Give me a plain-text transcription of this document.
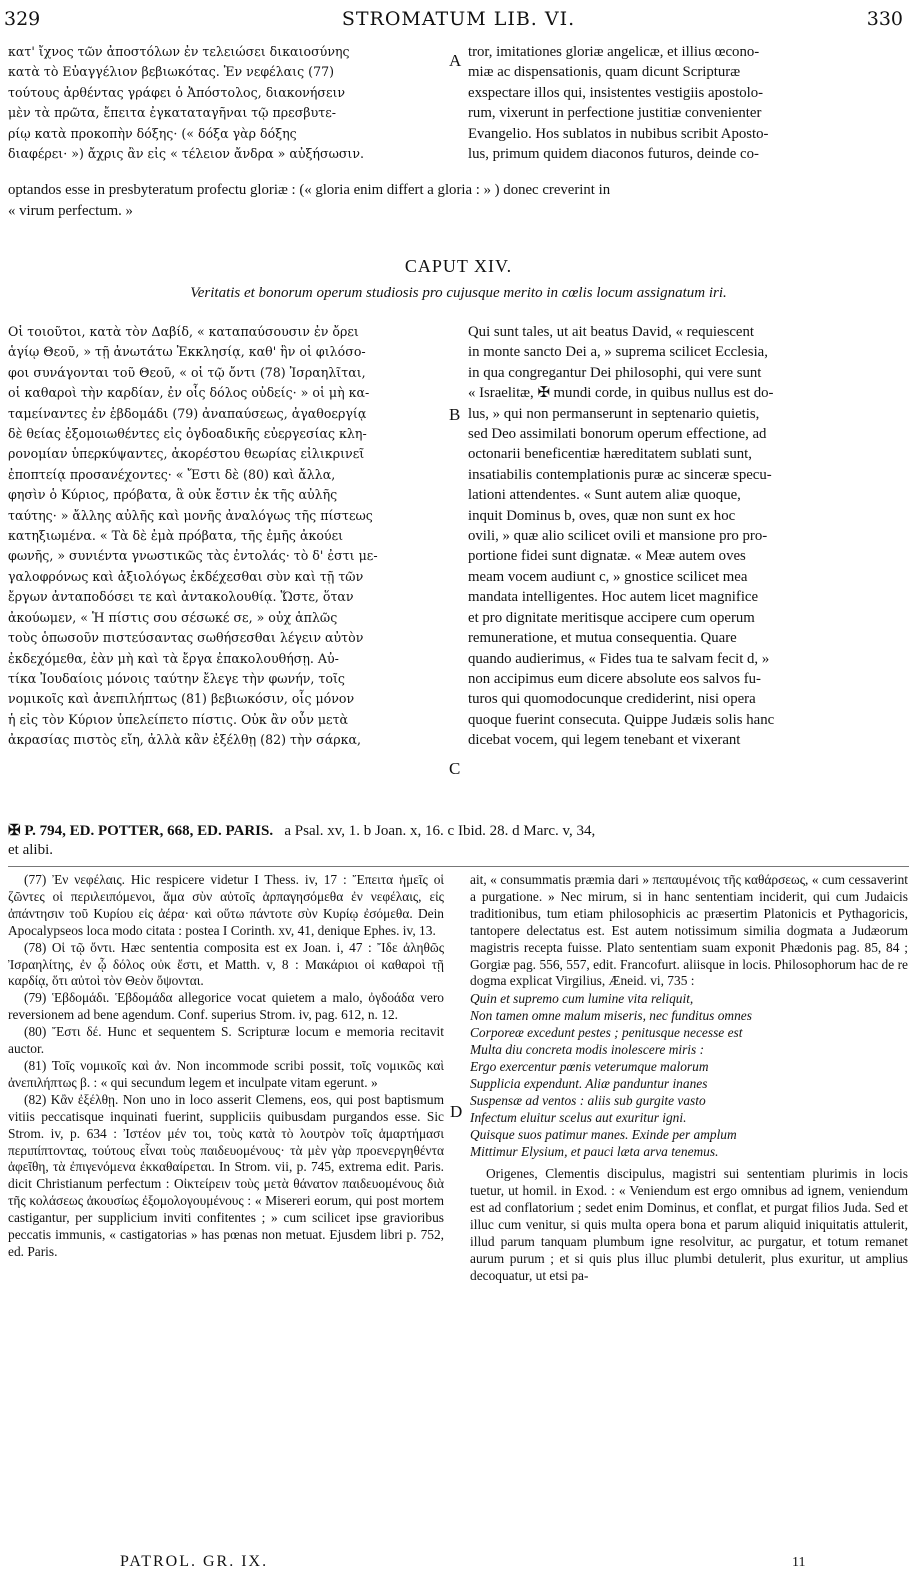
329	STROMATUM LIB. VI.	330
κατ' ἴχνος τῶν ἀποστόλων ἐν τελειώσει δικαιοσύνης
κατὰ τὸ Εὐαγγέλιον βεβιωκότας. Ἐν νεφέλαις (77)
τούτους ἀρθέντας γράφει ὁ Ἀπόστολος, διακονήσειν
μὲν τὰ πρῶτα, ἔπειτα ἐγκαταταγῆναι τῷ πρεσβυτε-
ρίῳ κατὰ προκοπὴν δόξης· (« δόξα γὰρ δόξης
διαφέρει· ») ἄχρις ἂν εἰς « τέλειον ἄνδρα » αὐξήσωσιν.
A tror, imitationes gloriæ angelicæ, et illius œcono-
miæ ac dispensationis, quam dicunt Scripturæ
exspectare illos qui, insistentes vestigiis apostolo-
rum, vixerunt in perfectione justitiæ convenienter
Evangelio. Hos sublatos in nubibus scribit Aposto-
lus, primum quidem diaconos futuros, deinde co-
optandos esse in presbyteratum profectu gloriæ : (« gloria enim differt a gloria : » ) donec creverint in
« virum perfectum. »
CAPUT XIV.
Veritatis et bonorum operum studiosis pro cujusque merito in cœlis locum assignatum iri.
Οἱ τοιοῦτοι, κατὰ τὸν Δαβίδ, « καταπαύσουσιν ἐν ὄρει
ἁγίῳ Θεοῦ, » τῇ ἀνωτάτω Ἐκκλησίᾳ, καθ' ἣν οἱ φιλόσο-
φοι συνάγονται τοῦ Θεοῦ, « οἱ τῷ ὄντι (78) Ἰσραηλῖται,
οἱ καθαροὶ τὴν καρδίαν, ἐν οἷς δόλος οὐδείς· » οἱ μὴ κα-
ταμείναντες ἐν ἑβδομάδι (79) ἀναπαύσεως, ἀγαθοεργίᾳ
δὲ θείας ἐξομοιωθέντες εἰς ὀγδοαδικῆς εὐεργεσίας κλη-
ρονομίαν ὑπερκύψαντες, ἀκορέστου θεωρίας εἰλικρινεῖ
ἐποπτείᾳ προσανέχοντες· « Ἔστι δὲ (80) καὶ ἄλλα,
φησὶν ὁ Κύριος, πρόβατα, ἃ οὐκ ἔστιν ἐκ τῆς αὐλῆς
ταύτης· » ἄλλης αὐλῆς καὶ μονῆς ἀναλόγως τῆς πίστεως
κατηξιωμένα. « Τὰ δὲ ἐμὰ πρόβατα, τῆς ἐμῆς ἀκούει
φωνῆς, » συνιέντα γνωστικῶς τὰς ἐντολάς· τὸ δ' ἐστι με-
γαλοφρόνως καὶ ἀξιολόγως ἐκδέχεσθαι σὺν καὶ τῇ τῶν
ἔργων ἀνταποδόσει τε καὶ ἀντακολουθίᾳ. Ὥστε, ὅταν
ἀκούωμεν, « Ἡ πίστις σου σέσωκέ σε, » οὐχ ἁπλῶς
τοὺς ὁπωσοῦν πιστεύσαντας σωθήσεσθαι λέγειν αὐτὸν
ἐκδεχόμεθα, ἐὰν μὴ καὶ τὰ ἔργα ἐπακολουθήσῃ. Αὐ-
τίκα Ἰουδαίοις μόνοις ταύτην ἔλεγε τὴν φωνήν, τοῖς
νομικοῖς καὶ ἀνεπιλήπτως (81) βεβιωκόσιν, οἷς μόνον
ἡ εἰς τὸν Κύριον ὑπελείπετο πίστις. Οὐκ ἂν οὖν μετὰ
ἀκρασίας πιστὸς εἴη, ἀλλὰ κἂν ἐξέλθῃ (82) τὴν σάρκα,
B
C
Qui sunt tales, ut ait beatus David, « requiescent
in monte sancto Dei a, » suprema scilicet Ecclesia,
in qua congregantur Dei philosophi, qui vere sunt
« Israelitæ, ✠ mundi corde, in quibus nullus est do-
lus, » qui non permanserunt in septenario quietis,
sed Deo assimilati bonorum operum effectione, ad
octonarii beneficentiæ hæreditatem sublati sunt,
insatiabilis contemplationis puræ ac sinceræ specu-
lationi attendentes. « Sunt autem aliæ quoque,
inquit Dominus b, oves, quæ non sunt ex hoc
ovili, » quæ alio scilicet ovili et mansione pro pro-
portione fidei sunt dignatæ. « Meæ autem oves
meam vocem audiunt c, » gnostice scilicet mea
mandata intelligentes. Hoc autem licet magnifice
et pro dignitate meritisque accipere cum operum
remuneratione, et mutua consequentia. Quare
quando audierimus, « Fides tua te salvam fecit d, »
non accipimus eum dicere absolute eos salvos fu-
turos qui quomodocunque crediderint, nisi opera
quoque fuerint consecuta. Quippe Judæis solis hanc
dicebat vocem, qui legem tenebant et vixerant
✠ P. 794, ED. POTTER, 668, ED. PARIS. a Psal. xv, 1. b Joan. x, 16. c Ibid. 28. d Marc. v, 34,
et alibi.

(77) Ἐν νεφέλαις. Hic respicere videtur I Thess. iv, 17 : Ἔπειτα ἡμεῖς οἱ ζῶντες οἱ περιλειπόμενοι, ἅμα σὺν αὐτοῖς ἁρπαγησόμεθα ἐν νεφέλαις, εἰς ἀπάντησιν τοῦ Κυρίου εἰς ἀέρα· καὶ οὕτω πάντοτε σὺν Κυρίῳ ἐσόμεθα. Dein Apocalypseos loca modo citata : postea I Corinth. xv, 41, denique Ephes. iv, 13.

(78) Οἱ τῷ ὄντι. Hæc sententia composita est ex Joan. i, 47 : Ἴδε ἀληθῶς Ἰσραηλίτης, ἐν ᾧ δόλος οὐκ ἔστι, et Matth. v, 8 : Μακάριοι οἱ καθαροὶ τῇ καρδίᾳ, ὅτι αὐτοὶ τὸν Θεὸν ὄψονται.

(79) Ἑβδομάδι. Ἑβδομάδα allegorice vocat quietem a malo, ὀγδοάδα vero reversionem ad bene agendum. Conf. superius Strom. iv, pag. 612, n. 12.

(80) Ἔστι δέ. Hunc et sequentem S. Scripturæ locum e memoria recitavit auctor.

(81) Τοῖς νομικοῖς καὶ ἀν. Non incommode scribi possit, τοῖς νομικῶς καὶ ἀνεπιλήπτως β. : « qui secundum legem et inculpate vitam egerunt. »

(82) Κἂν ἐξέλθῃ. Non uno in loco asserit Clemens, eos, qui post baptismum vitiis peccatisque inquinati fuerint, suppliciis quibusdam purgandos esse. Sic Strom. iv, p. 634 : Ἰστέον μέν τοι, τοὺς κατὰ τὸ λουτρὸν τοῖς ἁμαρτήμασι περιπίπτοντας, τούτους εἶναι τοὺς παιδευομένους· τὰ μὲν γὰρ προενεργηθέντα ἀφεῖθη, τὰ ἐπιγενόμενα ἐκκαθαίρεται. In Strom. vii, p. 745, extrema edit. Paris. dicit Christianum perfectum : Οἰκτείρειν τοὺς μετὰ θάνατον παιδευομένους διὰ τῆς κολάσεως ἀκουσίως ἐξομολογουμένους : « Misereri eorum, qui post mortem castigantur, per supplicium inviti confitentes ; » cum scilicet ipse gravioribus peccatis immunis, « castigatorias » has pœnas non metuat. Ejusdem libri p. 752, ed. Paris.

D

ait, « consummatis præmia dari » πεπαυμένοις τῆς καθάρσεως, « cum cessaverint a purgatione. » Nec mirum, si in hanc sententiam inciderit, qui cum Judaicis traditionibus, tum etiam philosophicis ac præsertim Platonicis et Pythagoricis, tantopere delectatus est. Est autem notissimum similia dogmata a Judæorum magistris recepta fuisse. Plato sententiam suam exponit Phædonis pag. 85, 84 ; Gorgiæ pag. 556, 557, edit. Francofurt. aliisque in locis. Philosophorum hac de re dogma explicat Virgilius, Æneid. vi, 735 :

Quin et supremo cum lumine vita reliquit,
Non tamen omne malum miseris, nec funditus omnes
Corporeæ excedunt pestes ; penitusque necesse est
Multa diu concreta modis inolescere miris :
Ergo exercentur pœnis veterumque malorum
Supplicia expendunt. Aliæ panduntur inanes
Suspensæ ad ventos : aliis sub gurgite vasto
Infectum eluitur scelus aut exuritur igni.
Quisque suos patimur manes. Exinde per amplum
Mittimur Elysium, et pauci læta arva tenemus.

Origenes, Clementis discipulus, magistri sui sententiam plurimis in locis tuetur, ut homil. in Exod. : « Veniendum est ergo omnibus ad ignem, veniendum est ad conflatorium ; sedet enim Dominus, et conflat, et purgat filios Juda. Sed et illuc cum venitur, si quis multa opera bona et parum aliquid iniquitatis attulerit, illud parum tanquam plumbum igne resolvitur, ac purgatur, et totum remanet aurum purum ; et si quis plus illuc plumbi detulerit, plus exuritur, ut amplius decoquatur, ut etsi pa-

PATROL. GR. IX.	11
